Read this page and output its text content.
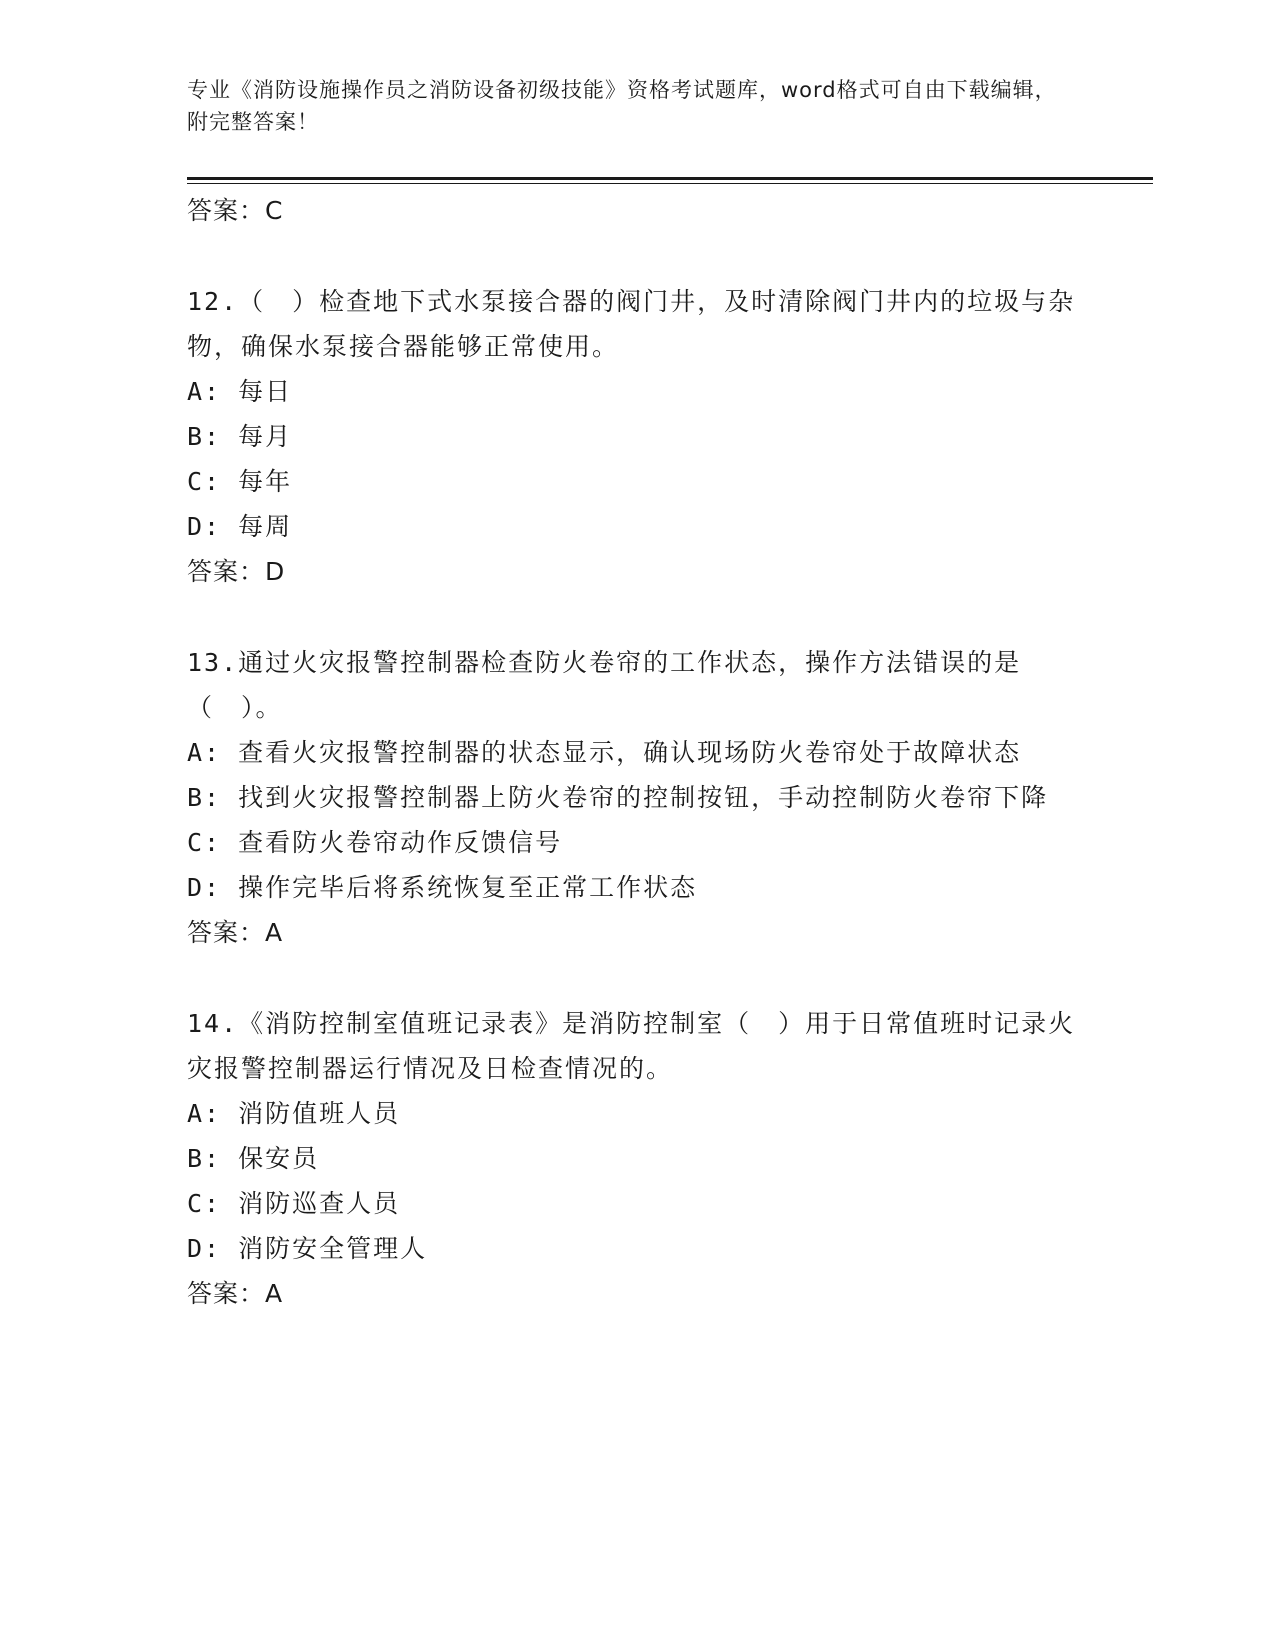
专业《消防设施操作员之消防设备初级技能》资格考试题库，word格式可自由下载编辑，附完整答案！
答案：C
12.（　）检查地下式水泵接合器的阀门井，及时清除阀门井内的垃圾与杂物，确保水泵接合器能够正常使用。
A: 每日
B: 每月
C: 每年
D: 每周
答案：D
13.通过火灾报警控制器检查防火卷帘的工作状态，操作方法错误的是（　）。
A: 查看火灾报警控制器的状态显示，确认现场防火卷帘处于故障状态
B: 找到火灾报警控制器上防火卷帘的控制按钮，手动控制防火卷帘下降
C: 查看防火卷帘动作反馈信号
D: 操作完毕后将系统恢复至正常工作状态
答案：A
14.《消防控制室值班记录表》是消防控制室（　）用于日常值班时记录火灾报警控制器运行情况及日检查情况的。
A: 消防值班人员
B: 保安员
C: 消防巡查人员
D: 消防安全管理人
答案：A
